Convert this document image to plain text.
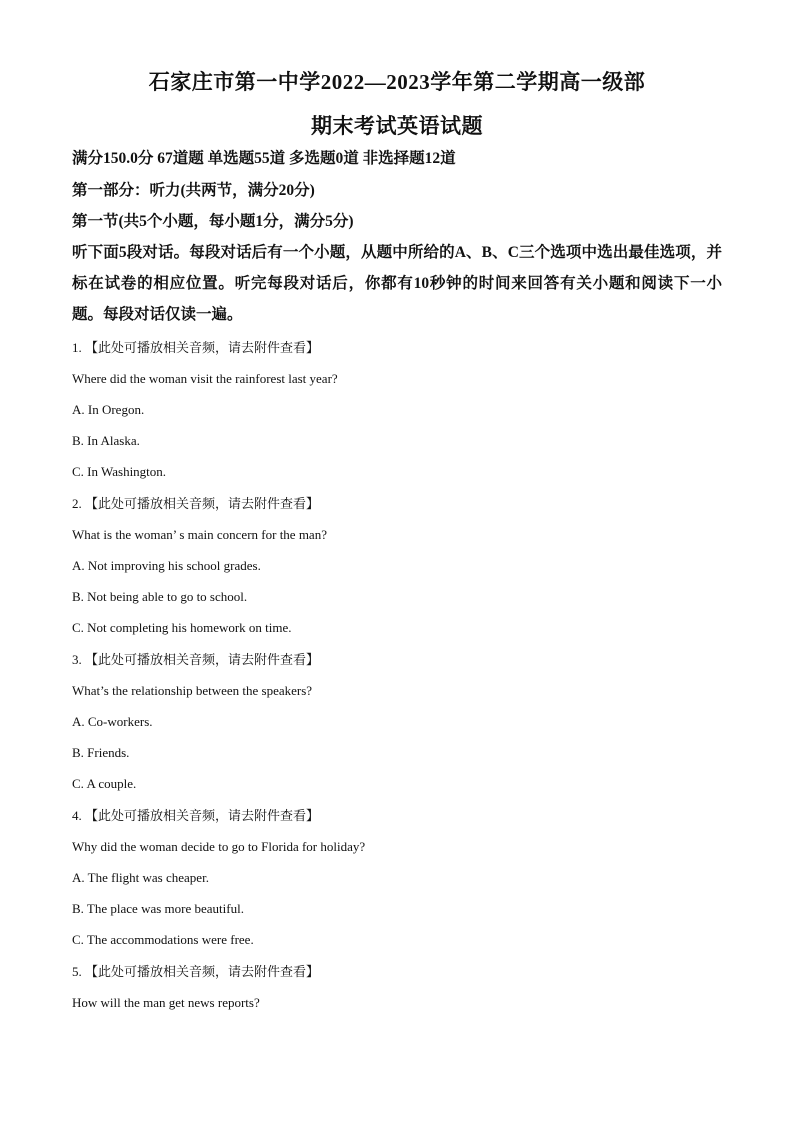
石家庄市第一中学2022—2023学年第二学期高一级部
期末考试英语试题
满分150.0分 67道题 单选题55道 多选题0道 非选择题12道
第一部分：听力(共两节，满分20分)
第一节(共5个小题，每小题1分，满分5分)
听下面5段对话。每段对话后有一个小题，从题中所给的A、B、C三个选项中选出最佳选项，并标在试卷的相应位置。听完每段对话后，你都有10秒钟的时间来回答有关小题和阅读下一小题。每段对话仅读一遍。
1. 【此处可播放相关音频，请去附件查看】
Where did the woman visit the rainforest last year?
A. In Oregon.
B. In Alaska.
C. In Washington.
2. 【此处可播放相关音频，请去附件查看】
What is the woman’ s main concern for the man?
A. Not improving his school grades.
B. Not being able to go to school.
C. Not completing his homework on time.
3. 【此处可播放相关音频，请去附件查看】
What’s the relationship between the speakers?
A. Co-workers.
B. Friends.
C. A couple.
4. 【此处可播放相关音频，请去附件查看】
Why did the woman decide to go to Florida for holiday?
A. The flight was cheaper.
B. The place was more beautiful.
C. The accommodations were free.
5. 【此处可播放相关音频，请去附件查看】
How will the man get news reports?
